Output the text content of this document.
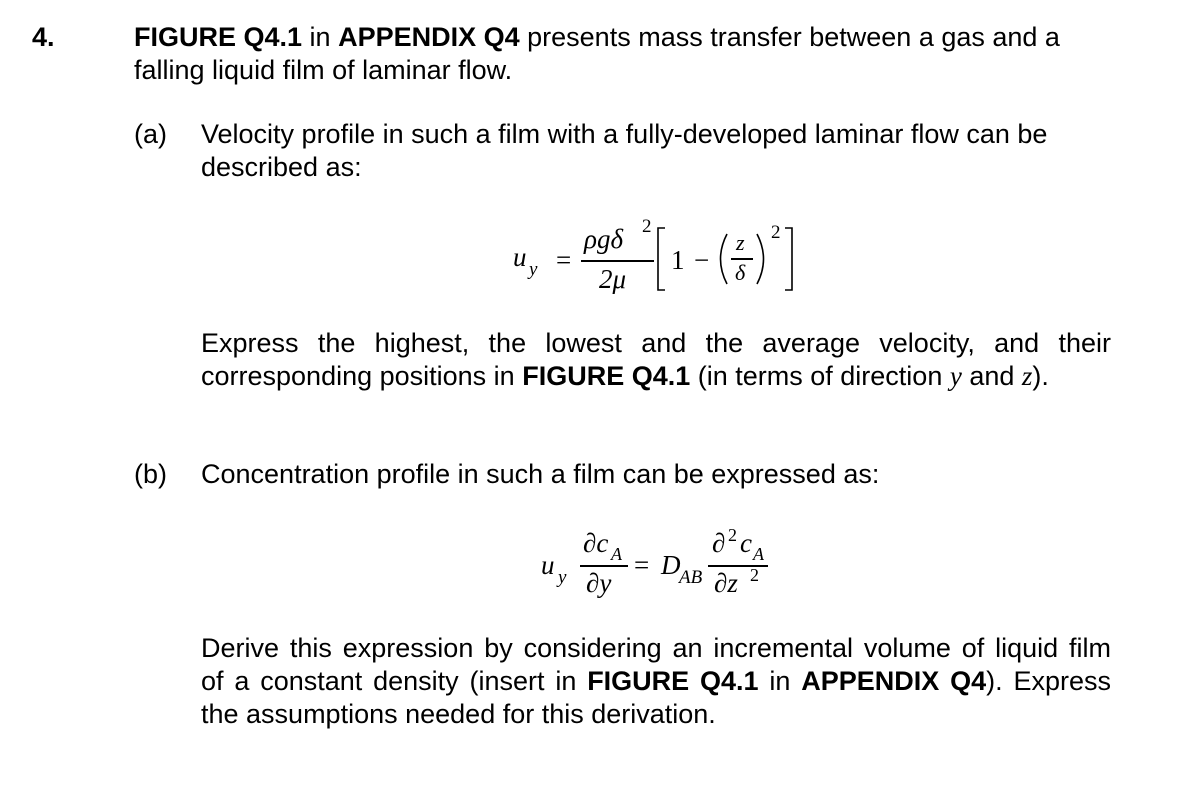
4.	FIGURE Q4.1 in APPENDIX Q4 presents mass transfer between a gas and a
falling liquid film of laminar flow.
(a) Velocity profile in such a film with a fully-developed laminar flow can be
described as:
u y =
ρgδ 2
2μ
1 −
z
δ
2
Express the highest, the lowest and the average velocity, and their
corresponding positions in FIGURE Q4.1 (in terms of direction y and z).
(b) Concentration profile in such a film can be expressed as:
u y
∂c A
∂y
= D
AB
∂ 2 c A
∂z 2
Derive this expression by considering an incremental volume of liquid film
of a constant density (insert in FIGURE Q4.1 in APPENDIX Q4). Express
the assumptions needed for this derivation.
